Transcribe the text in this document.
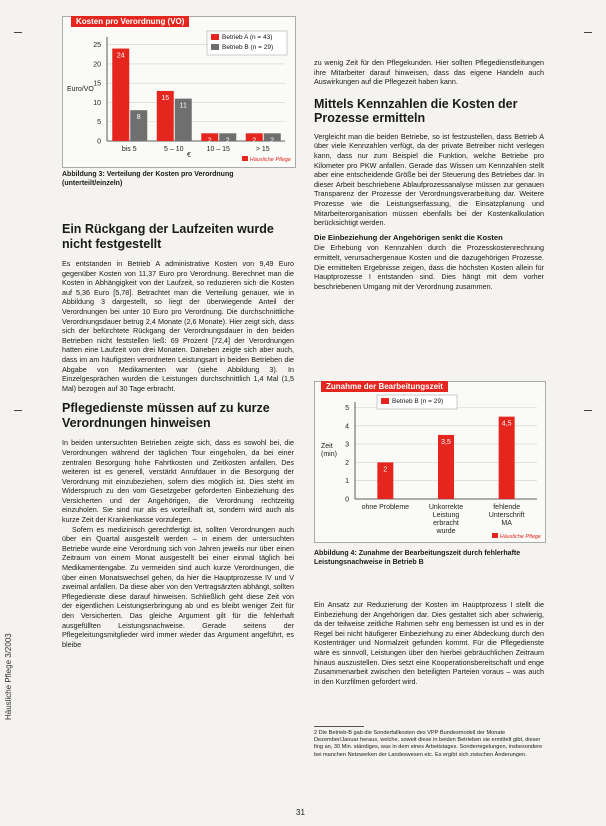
Häusliche Pflege 3/2003
Kosten pro Verordnung (VO)
0
5
10
15
20
25
24
8
bis 5
15
11
5 – 10
2 2
10 – 15
2 2
> 15
Betrieb A (n = 43)
Betrieb B (n = 29)
Euro/VO
€
Häusliche Pflege
Abbildung 3: Verteilung der Kosten pro Verordnung (unterteilt/einzeln)
Ein Rückgang der Laufzeiten wurde nicht festgestellt

Es entstanden in Betrieb A administrative Kosten von 9,49 Euro gegenüber Kosten von 11,37 Euro pro Verordnung. Berechnet man die Kosten in Abhängigkeit von der Laufzeit, so reduzieren sich die Kosten auf 5,36 Euro [5,78]. Betrachtet man die Verteilung genauer, wie in Abbildung 3 dargestellt, so liegt der überwiegende Anteil der Verordnungen bei unter 10 Euro pro Verordnung. Die durchschnittliche Verordnungsdauer betrug 2,4 Monate (2,6 Monate). Hier zeigt sich, dass sich der befürchtete Rückgang der Verordnungsdauer in den beiden Betrieben nicht feststellen ließ: 69 Prozent [72,4] der Verordnungen hatten eine Laufzeit von drei Monaten. Daneben zeigte sich aber auch, dass im am häufigsten verordneten Leistungsart in beiden Betrieben die Abgabe von Medikamenten war (siehe Abbildung 3). In Einzelgesprächen wurden die Leistungen durchschnittlich 1,4 Mal (1,5 Mal) bezogen auf 30 Tage erbracht.

Pflegedienste müssen auf zu kurze Verordnungen hinweisen

In beiden untersuchten Betrieben zeigte sich, dass es sowohl bei, die Verordnungen während der täglichen Tour eingeholen, da bei einer zentralen Besorgung hohe Fahrtkosten und Zeitkosten anfallen. Des weiteren ist es generell, verstärkt Anrufdauer in die Besorgung der Verordnung mit einzubeziehen, sofern dies möglich ist. Dies steht im Widerspruch zu den vom Gesetzgeber geforderten Einbeziehung des Versicherten und der Angehörigen, die Verordnung rechtzeitig einzuholen. Sie sind nur als es vorteilhaft ist, sondern wird auch als kurze Zeit der Krankenkasse vorzulegen.

Sofern es medizinisch gerechtfertigt ist, sollten Verordnungen auch über ein Quartal ausgestellt werden – in einem der untersuchten Betriebe wurde eine Verordnung sich von Jahren jeweils nur über einen Zeitraum von einem Monat ausgestellt bei einer einmal täglich bei Medikamentengabe. Zu vermeiden sind auch kurze Verordnungen, die über einen Monatswechsel gehen, da hier die Hauptprozesse IV und V zweimal anfallen. Da diese aber von den Vertragsärzten abhängt, sollten Pflegedienste diese darauf hinweisen. Schließlich geht diese Zeit von der eigentlichen Leistungserbringung ab und es bleibt weniger Zeit für den Versicherten. Das gleiche Argument gilt für die fehlerhaft ausgefüllten Leistungsnachweise. Gerade seitens der Pflegeleitungsmitglieder wird immer wieder das Argument angeführt, es bleibe

zu wenig Zeit für den Pflegekunden. Hier sollten Pflegedienstleitungen ihre Mitarbeiter darauf hinweisen, dass das eigene Handeln auch Auswirkungen auf die Pflegezeit haben kann.

Mittels Kennzahlen die Kosten der Prozesse ermitteln

Vergleicht man die beiden Betriebe, so ist festzustellen, dass Betrieb A über viele Kennzahlen verfügt, da der private Betreiber nicht verlegen kann, dass nur zum Beispiel die Funktion, welche Betriebe pro Kilometer pro PKW anfallen. Gerade das Wissen um Kennzahlen stellt aber eine entscheidende Größe bei der Steuerung des Betriebes dar. In dieser Arbeit beschriebene Ablaufprozessanalyse müssen zur genauen Transparenz der Prozesse der Verordnungsverarbeitung dar. Weitere Prozesse wie die Leistungserfassung, die Einsatzplanung und Mitarbeiterorganisation müssen ebenfalls bei der Kostenkalkulation berücksichtigt werden.

Die Einbeziehung der Angehörigen senkt die Kosten

Die Erhebung von Kennzahlen durch die Prozesskostenrechnung ermittelt, verursachergenaue Kosten und die dazugehörigen Prozesse. Die ermittelten Ergebnisse zeigen, dass die höchsten Kosten allein für Hauptprozesse I entstanden sind. Dies hängt mit dem vorher beschriebenen Umgang mit der Verordnung zusammen.

Zunahme der Bearbeitungszeit
0
1
2
3
4
5
2
ohne Probleme
3,5
Unkorrekte
Leistung
erbracht
wurde
4,5
fehlende
Unterschrift
MA
Betrieb B (n = 29)
Zeit (min)
Häusliche Pflege
Abbildung 4: Zunahme der Bearbeitungszeit durch fehlerhafte Leistungsnachweise in Betrieb B

Ein Ansatz zur Reduzierung der Kosten im Hauptprozess I stellt die Einbeziehung der Angehörigen dar. Dies gestaltet sich aber schwierig, da der teilweise zeitliche Rahmen sehr eng bemessen ist und es in der Regel bei nicht häufigerer Einbeziehung zu einer Abdeckung durch den Kostenträger und Normalzeit gefunden kommt. Für die Pflegedienste wäre es sinnvoll, Leistungen über den hierbei gebräuchlichen Zeitraum hinaus auszustellen. Dies setzt eine Kooperationsbereitschaft und enge Zusammenarbeit zwischen den beteiligten Parteien voraus – was auch in den Kurzfilmen gefordert wird.

2 Die Betrieb-B gab die Sonderfallkosten des VPP Bundesmodell der Monate Dezember/Januar heraus, welche, soweit diese in beiden Betrieben sie ermittelt gibt, dieser fing an, 30 Min. ständiges, was in dem eines Arbeitstages. Sonderregelungen, insbesondere bei manchen Netzwerken der Landeswesen etc. Es ergibt sich zwischen Änderungen.
31
